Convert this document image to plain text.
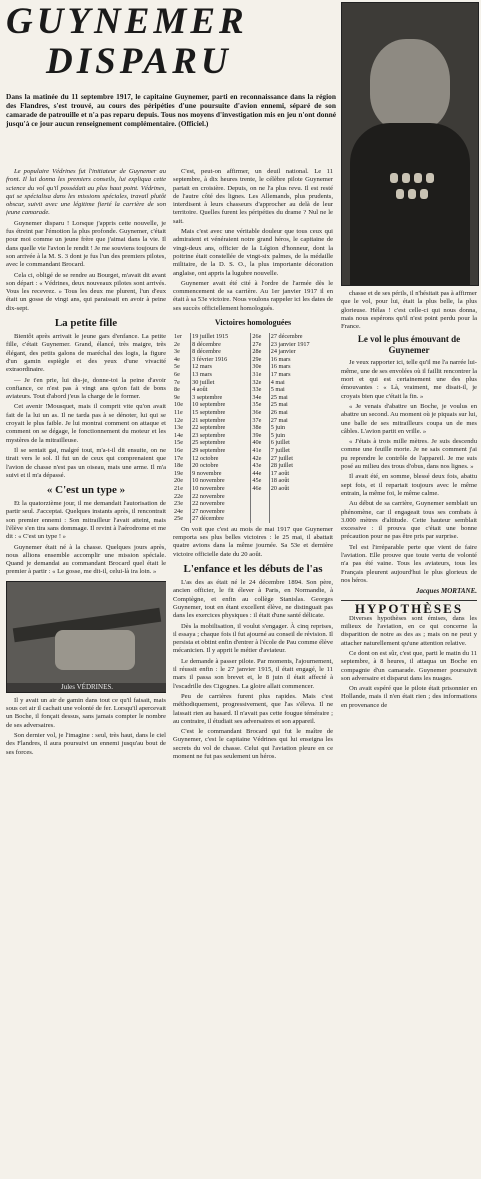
GUYNEMER
DISPARU
Dans la matinée du 11 septembre 1917, le capitaine Guynemer, parti en reconnaissance dans la région des Flandres, s'est trouvé, au cours des péripéties d'une poursuite d'avion ennemi, séparé de son camarade de patrouille et n'a pas reparu depuis. Tous nos moyens d'investigation mis en jeu n'ont donné jusqu'à ce jour aucun renseignement complémentaire. (Officiel.)

Le populaire Védrines fut l'initiateur de Guynemer au front. Il lui donna les premiers conseils, lui expliqua cette science du vol qu'il possédait au plus haut point. Védrines, qui se spécialisa dans les missions spéciales, travail plutôt obscur, suivit avec une légitime fierté la carrière de son jeune camarade.

Guynemer disparu ! Lorsque j'appris cette nouvelle, je fus étreint par l'émotion la plus profonde. Guynemer, c'était pour moi comme un jeune frère que j'aimai dans la vie. Il dans quelle vie l'avion le rendit ! Je me souviens toujours de son arrivée à la M. S. 3 dont je fus l'un des premiers pilotes, avec le commandant Brocard.

Cela ci, obligé de se rendre au Bourget, m'avait dit avant son départ : « Védrines, deux nouveaux pilotes sont arrivés. Vous les recevrez. » Tous les deux me plurent, l'un d'eux était un gosse de vingt ans, qui paraissait en avoir à peine dix-sept.

La petite fille

Bientôt après arrivait le jeune gars d'enfance. La petite fille, c'était Guynemer. Grand, élancé, très maigre, très élégant, des petits galons de maréchal des logis, la figure d'un gamin espiègle et des yeux d'une vivacité extraordinaire.

— Je t'en prie, lui dis-je, donne-toi la peine d'avoir confiance, ce n'est pas à vingt ans qu'on fait de bons aviateurs. Tout d'abord j'eus la charge de le former.

Cet avenir !Mousquet, mais il comprit vite qu'on avait fait de la lui un as. Il ne tarda pas à se dénoter, lui qui se croyait le plus faible. Je lui montrai comment on attaque et comment on se dégage, le fonctionnement du moteur et les mystères de la mitrailleuse.

Il se sentait gai, malgré tout, m'a-t-il dit ensuite, on ne tirait vers le sol. Il fut un de ceux qui comprenaient que l'avion de chasse n'est pas un oiseau, mais une arme. Il m'a suivi et il m'a dépassé.

« C'est un type »

Et la quatorzième jour, il me demandait l'autorisation de partir seul. J'acceptai. Quelques instants après, il rencontrait son premier ennemi : Son mitrailleur l'avait atteint, mais l'élève s'en tira sans dommage. Il revint à l'aérodrome et me dit : « C'est un type ! »

Guynemer était né à la chasse. Quelques jours après, nous allions ensemble accomplir une mission spéciale. Quand je demandai au commandant Brocard quel était le premier à partir : « Le gosse, me dit-il, celui-là ira loin. »

Jules VÉDRINES.

Il y avait un air de gamin dans tout ce qu'il faisait, mais sous cet air il cachait une volonté de fer. Lorsqu'il apercevait un Boche, il fonçait dessus, sans jamais compter le nombre de ses adversaires.

Son dernier vol, je l'imagine : seul, très haut, dans le ciel des Flandres, il aura poursuivi un ennemi jusqu'au bout de ses forces.

C'est, peut-on affirmer, un deuil national. Le 11 septembre, à dix heures trente, le célèbre pilote Guynemer partait en croisière. Depuis, on ne l'a plus revu. Il est resté de l'autre côté des lignes. Les Allemands, plus prudents, interdisent à leurs chasseurs d'approcher au delà de leur territoire. Quelles furent les péripéties du drame ? Nul ne le sait.

Mais c'est avec une véritable douleur que tous ceux qui admiraient et vénéraient notre grand héros, le capitaine de vingt-deux ans, officier de la Légion d'honneur, dont la poitrine était constellée de vingt-six palmes, de la médaille militaire, de la D. S. O., la plus importante décoration anglaise, ont appris la lugubre nouvelle.

Guynemer avait été cité à l'ordre de l'armée dès le commencement de sa carrière. Au 1er janvier 1917 il en était à sa 53e victoire. Nous voulons rappeler ici les dates de ses succès officiellement homologués.

Victoires homologuées
1er	19 juillet 1915	26e	27 décembre
2e	8 décembre	27e	23 janvier 1917
3e	8 décembre	28e	24 janvier
4e	3 février 1916	29e	16 mars
5e	12 mars	30e	16 mars
6e	13 mars	31e	17 mars
7e	30 juillet	32e	4 mai
8e	4 août	33e	5 mai
9e	3 septembre	34e	25 mai
10e	10 septembre	35e	25 mai
11e	15 septembre	36e	26 mai
12e	21 septembre	37e	27 mai
13e	22 septembre	38e	5 juin
14e	23 septembre	39e	5 juin
15e	25 septembre	40e	6 juillet
16e	29 septembre	41e	7 juillet
17e	12 octobre	42e	27 juillet
18e	20 octobre	43e	28 juillet
19e	9 novembre	44e	17 août
20e	10 novembre	45e	18 août
21e	10 novembre	46e	20 août
22e	22 novembre		
23e	22 novembre		
24e	27 novembre		
25e	27 décembre		

On voit que c'est au mois de mai 1917 que Guynemer remporta ses plus belles victoires : le 25 mai, il abattait quatre avions dans la même journée. Sa 53e et dernière victoire officielle date du 20 août.

L'enfance et les débuts de l'as

L'as des as était né le 24 décembre 1894. Son père, ancien officier, le fit élever à Paris, en Normandie, à Compiègne, et enfin au collège Stanislas. Georges Guynemer, tout en étant excellent élève, ne distinguait pas dans les exercices physiques : il était d'une santé délicate.

Dès la mobilisation, il voulut s'engager. À cinq reprises, il essaya ; chaque fois il fut ajourné au conseil de révision. Il persista et obtint enfin d'entrer à l'école de Pau comme élève mécanicien. Il y apprit le métier d'aviateur.

Le demande à passer pilote. Par moments, l'ajournement, il réussit enfin : le 27 janvier 1915, il était engagé, le 11 mars il passa son brevet et, le 8 juin il était affecté à l'escadrille des Cigognes. La gloire allait commencer.

Peu de carrières furent plus rapides. Mais c'est méthodiquement, progressivement, que l'as s'éleva. Il ne laissait rien au hasard. Il n'avait pas cette fougue téméraire ; au contraire, il étudiait ses adversaires et son appareil.

C'est le commandant Brocard qui fut le maître de Guynemer, c'est le capitaine Védrines qui lui enseigna les secrets du vol de chasse. Celui qui l'aviation pleure en ce moment ne fut pas seulement un héros.

chasse et de ses périls, il n'hésitait pas à affirmer que le vol, pour lui, était la plus belle, la plus glorieuse. Hélas ! c'est celle-ci qui nous donna, mais nous espérons qu'il n'est point perdu pour la France.

Le vol le plus émouvant de Guynemer

Je veux rapporter ici, telle qu'il me l'a narrée lui-même, une de ses envolées où il faillit rencontrer la mort et qui est certainement une des plus émouvantes : « Là, vraiment, me disait-il, je croyais bien que c'était la fin. »

« Je venais d'abattre un Boche, je voulus en abattre un second. Au moment où je piquais sur lui, une balle de ses mitrailleurs coupa un de mes câbles. L'avion partit en vrille. »

« J'étais à trois mille mètres. Je suis descendu comme une feuille morte. Je ne sais comment j'ai pu reprendre le contrôle de l'appareil. Je me suis posé au milieu des trous d'obus, dans nos lignes. »

Il avait été, en somme, blessé deux fois, abattu sept fois, et il repartait toujours avec le même entrain, la même foi, le même calme.

Au début de sa carrière, Guynemer semblait un phénomène, car il engageait tous ses combats à 3.000 mètres d'altitude. Cette hauteur semblait excessive : il prouva que c'était une bonne précaution pour ne pas être pris par surprise.

Tel est l'irréparable perte que vient de faire l'aviation. Elle prouve que toute vertu de volonté n'a pas été vaine. Tous les aviateurs, tous les Français pleurent aujourd'hui le plus glorieux de nos héros.

Jacques MORTANE.
HYPOTHÈSES

Diverses hypothèses sont émises, dans les milieux de l'aviation, en ce qui concerne la disparition de notre as des as ; mais on ne peut y attacher naturellement qu'une attention relative.

Ce dont on est sûr, c'est que, parti le matin du 11 septembre, à 8 heures, il attaqua un Boche en compagnie d'un camarade. Guynemer poursuivit son adversaire et disparut dans les nuages.

On avait espéré que le pilote était prisonnier en Hollande, mais il n'en était rien ; des informations en provenance de
